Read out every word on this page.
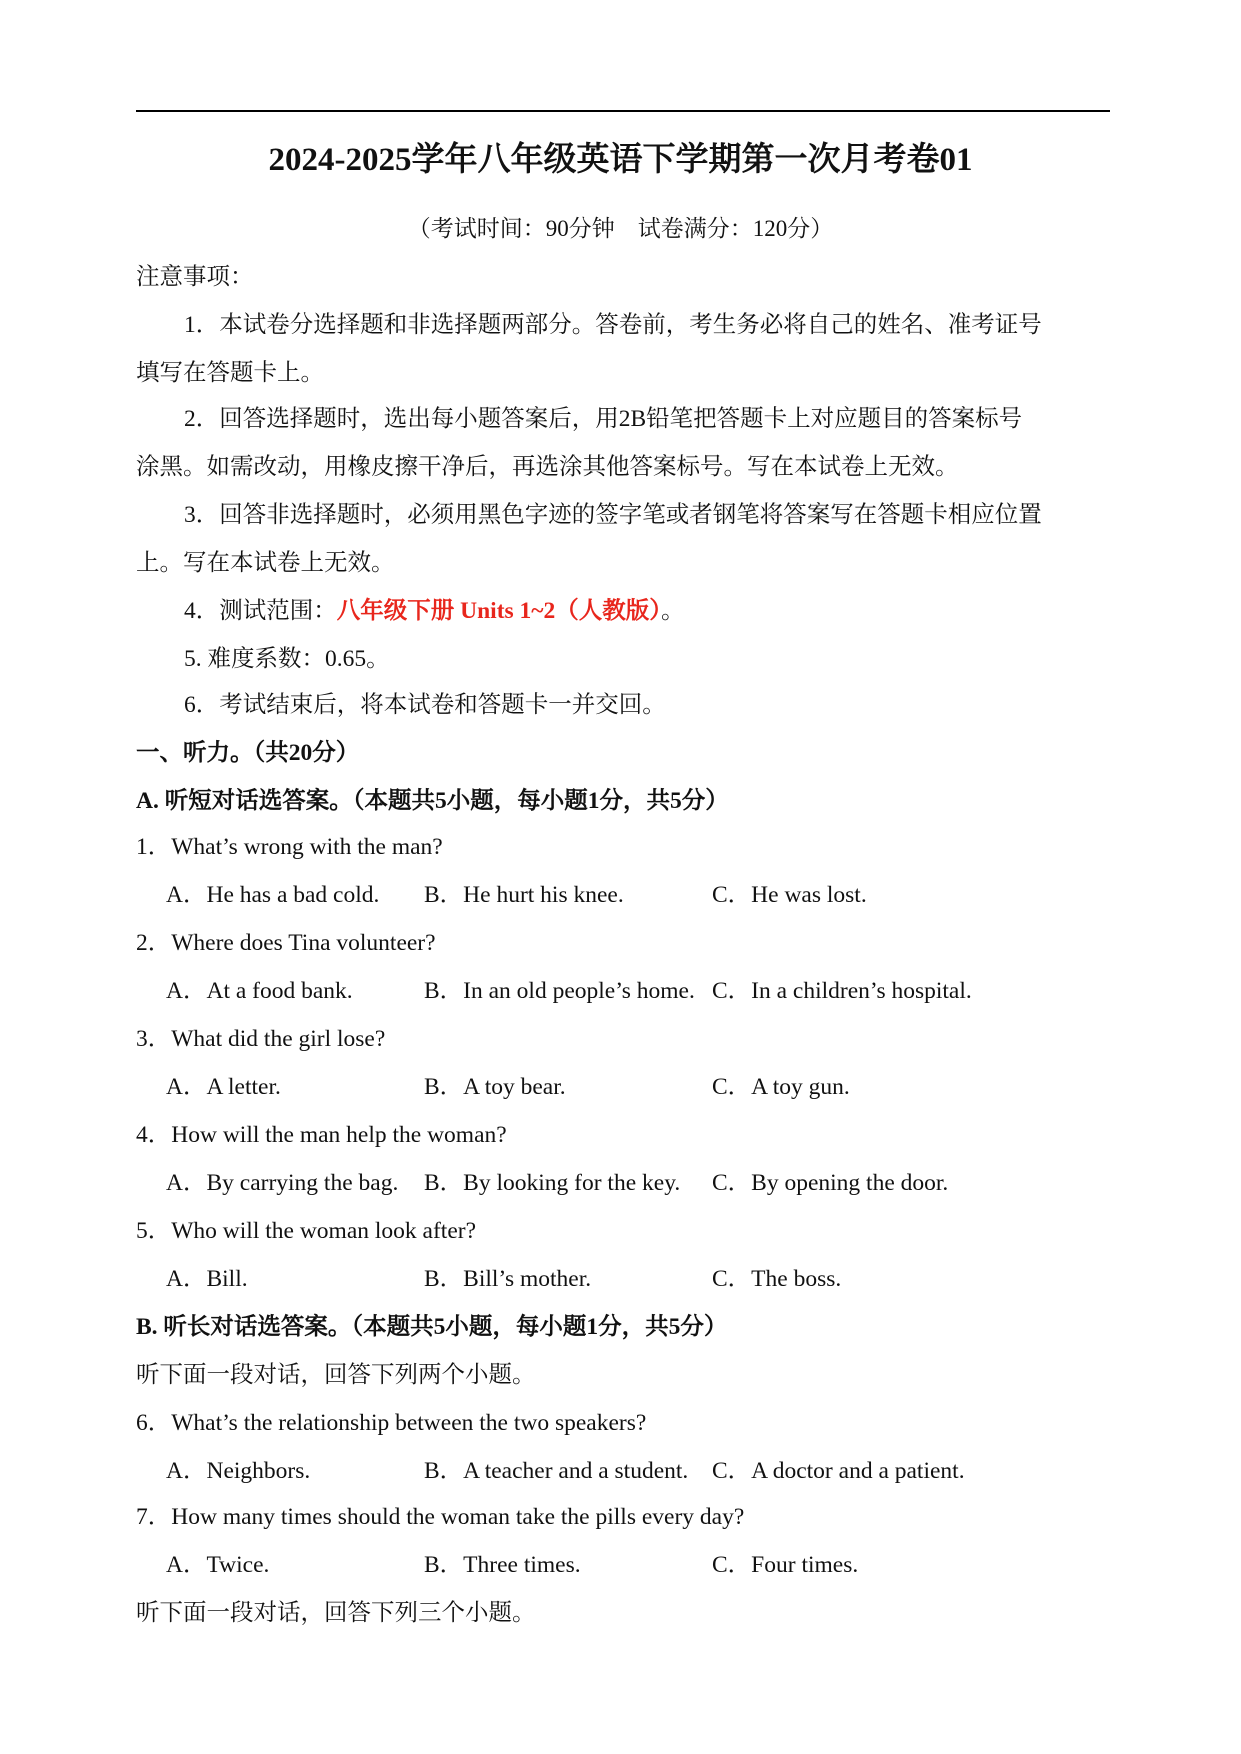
2024-2025学年八年级英语下学期第一次月考卷01
（考试时间：90分钟　试卷满分：120分）
注意事项：
1．本试卷分选择题和非选择题两部分。答卷前，考生务必将自己的姓名、准考证号
填写在答题卡上。
2．回答选择题时，选出每小题答案后，用2B铅笔把答题卡上对应题目的答案标号
涂黑。如需改动，用橡皮擦干净后，再选涂其他答案标号。写在本试卷上无效。
3．回答非选择题时，必须用黑色字迹的签字笔或者钢笔将答案写在答题卡相应位置
上。写在本试卷上无效。
4．测试范围：八年级下册 Units 1~2（人教版）。
5. 难度系数：0.65。
6．考试结束后，将本试卷和答题卡一并交回。
一、听力。（共20分）
A. 听短对话选答案。（本题共5小题，每小题1分，共5分）
1．What’s wrong with the man?
A．He has a bad cold. B．He hurt his knee.	C．He was lost.
2．Where does Tina volunteer?
A．At a food bank.	B．In an old people’s home. C．In a children’s hospital.
3．What did the girl lose?
A．A letter.	B．A toy bear.	C．A toy gun.
4．How will the man help the woman?
A．By carrying the bag. B．By looking for the key. C．By opening the door.
5．Who will the woman look after?
A．Bill.	B．Bill’s mother.	C．The boss.
B. 听长对话选答案。（本题共5小题，每小题1分，共5分）
听下面一段对话，回答下列两个小题。
6．What’s the relationship between the two speakers?
A．Neighbors.	B．A teacher and a student. C．A doctor and a patient.
7．How many times should the woman take the pills every day?
A．Twice.	B．Three times.	C．Four times.
听下面一段对话，回答下列三个小题。
